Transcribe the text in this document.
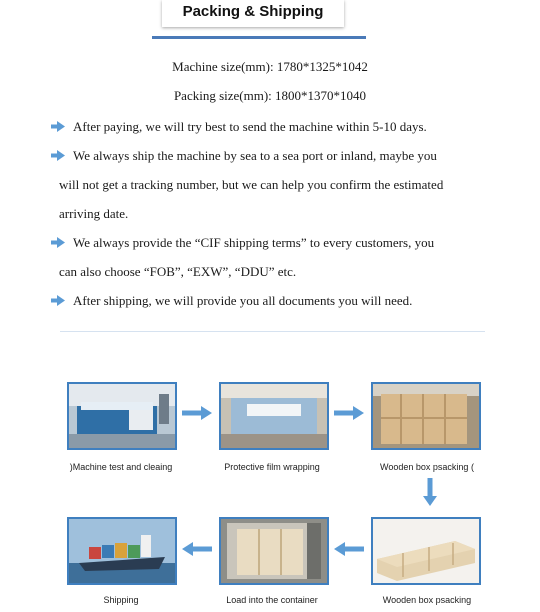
Packing & Shipping
Machine size(mm): 1780*1325*1042
Packing size(mm): 1800*1370*1040
After paying, we will try best to send the machine within 5-10 days.
We always ship the machine by sea to a sea port or inland, maybe you
will not get a tracking number, but we can help you confirm the estimated
arriving date.
We always provide the “CIF shipping terms” to every customers, you
can also choose “FOB”, “EXW”, “DDU” etc.
After shipping, we will provide you all documents you will need.
)Machine test and cleaing	Protective film wrapping	Wooden box psacking (
Shipping	Load into the container	Wooden box psacking
